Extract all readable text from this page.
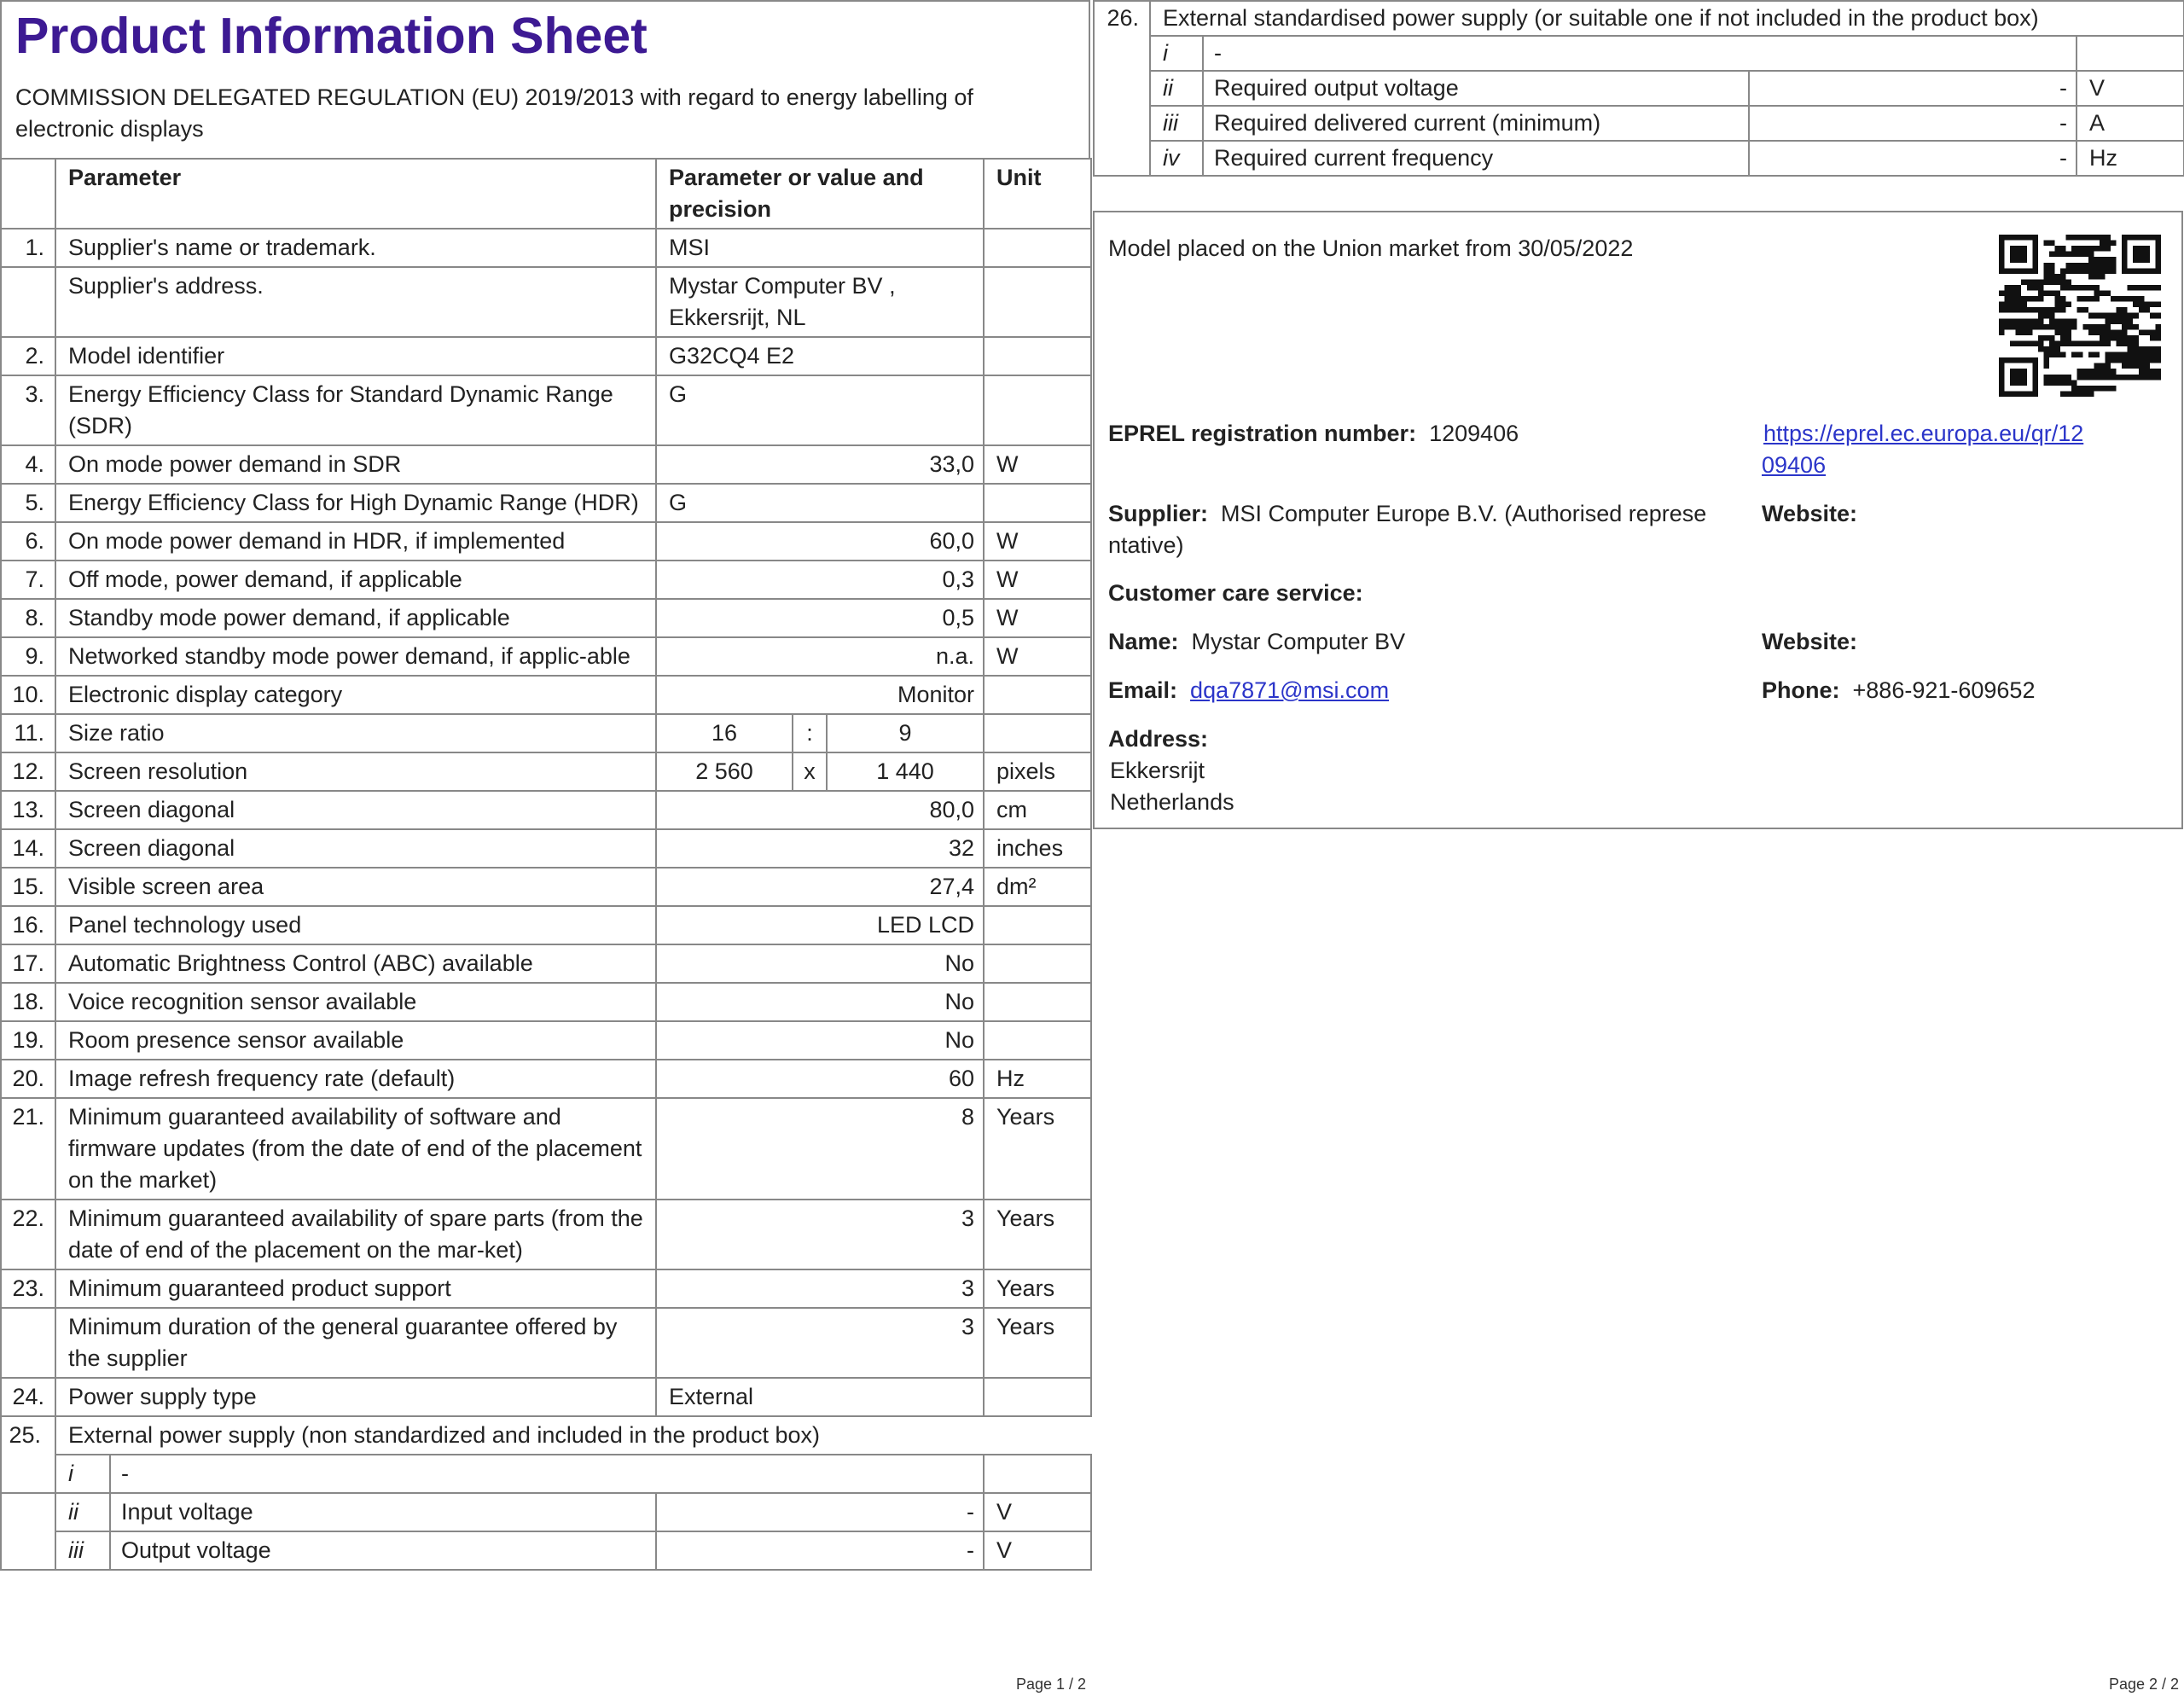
Product Information Sheet

COMMISSION DELEGATED REGULATION (EU) 2019/2013 with regard to energy labelling of electronic displays

	Parameter		Parameter or value and precision			Unit
1.	Supplier's name or trademark.		MSI			
	Supplier's address.		Mystar Computer BV , Ekkersrijt, NL			
2.	Model identifier		G32CQ4 E2			
3.	Energy Efficiency Class for Standard Dynamic Range (SDR)		G			
4.	On mode power demand in SDR		33,0			W
5.	Energy Efficiency Class for High Dynamic Range (HDR)		G			
6.	On mode power demand in HDR, if implemented		60,0			W
7.	Off mode, power demand, if applicable		0,3			W
8.	Standby mode power demand, if applicable		0,5			W
9.	Networked standby mode power demand, if applic-able		n.a.			W
10.	Electronic display category		Monitor			
11.	Size ratio		16	:	9	
12.	Screen resolution		2 560	x	1 440	pixels
13.	Screen diagonal		80,0			cm
14.	Screen diagonal		32			inches
15.	Visible screen area		27,4			dm²
16.	Panel technology used		LED LCD			
17.	Automatic Brightness Control (ABC) available		No			
18.	Voice recognition sensor available		No			
19.	Room presence sensor available		No			
20.	Image refresh frequency rate (default)		60			Hz
21.	Minimum guaranteed availability of software and firmware updates (from the date of end of the placement on the market)		8			Years
22.	Minimum guaranteed availability of spare parts (from the date of end of the placement on the mar-ket)		3			Years
23.	Minimum guaranteed product support		3			Years
	Minimum duration of the general guarantee offered by the supplier		3			Years
24.	Power supply type		External			
25.	External power supply (non standardized and included in the product box)					
	i	-				
	ii	Input voltage	-			V
	iii	Output voltage	-			V
26.	External standardised power supply (or suitable one if not included in the product box)			
	i	-		
	ii	Required output voltage	-	V
	iii	Required delivered current (minimum)	-	A
	iv	Required current frequency	-	Hz
Model placed on the Union market from 30/05/2022
EPREL registration number: 1209406	https://eprel.ec.europa.eu/qr/12
09406
Supplier: MSI Computer Europe B.V. (Authorised represe
ntative)
Website:
Customer care service:
Name: Mystar Computer BV	Website:
Email: dqa7871@msi.com	Phone: +886-921-609652
Address:
Ekkersrijt
Netherlands
Page 1 / 2	Page 2 / 2
